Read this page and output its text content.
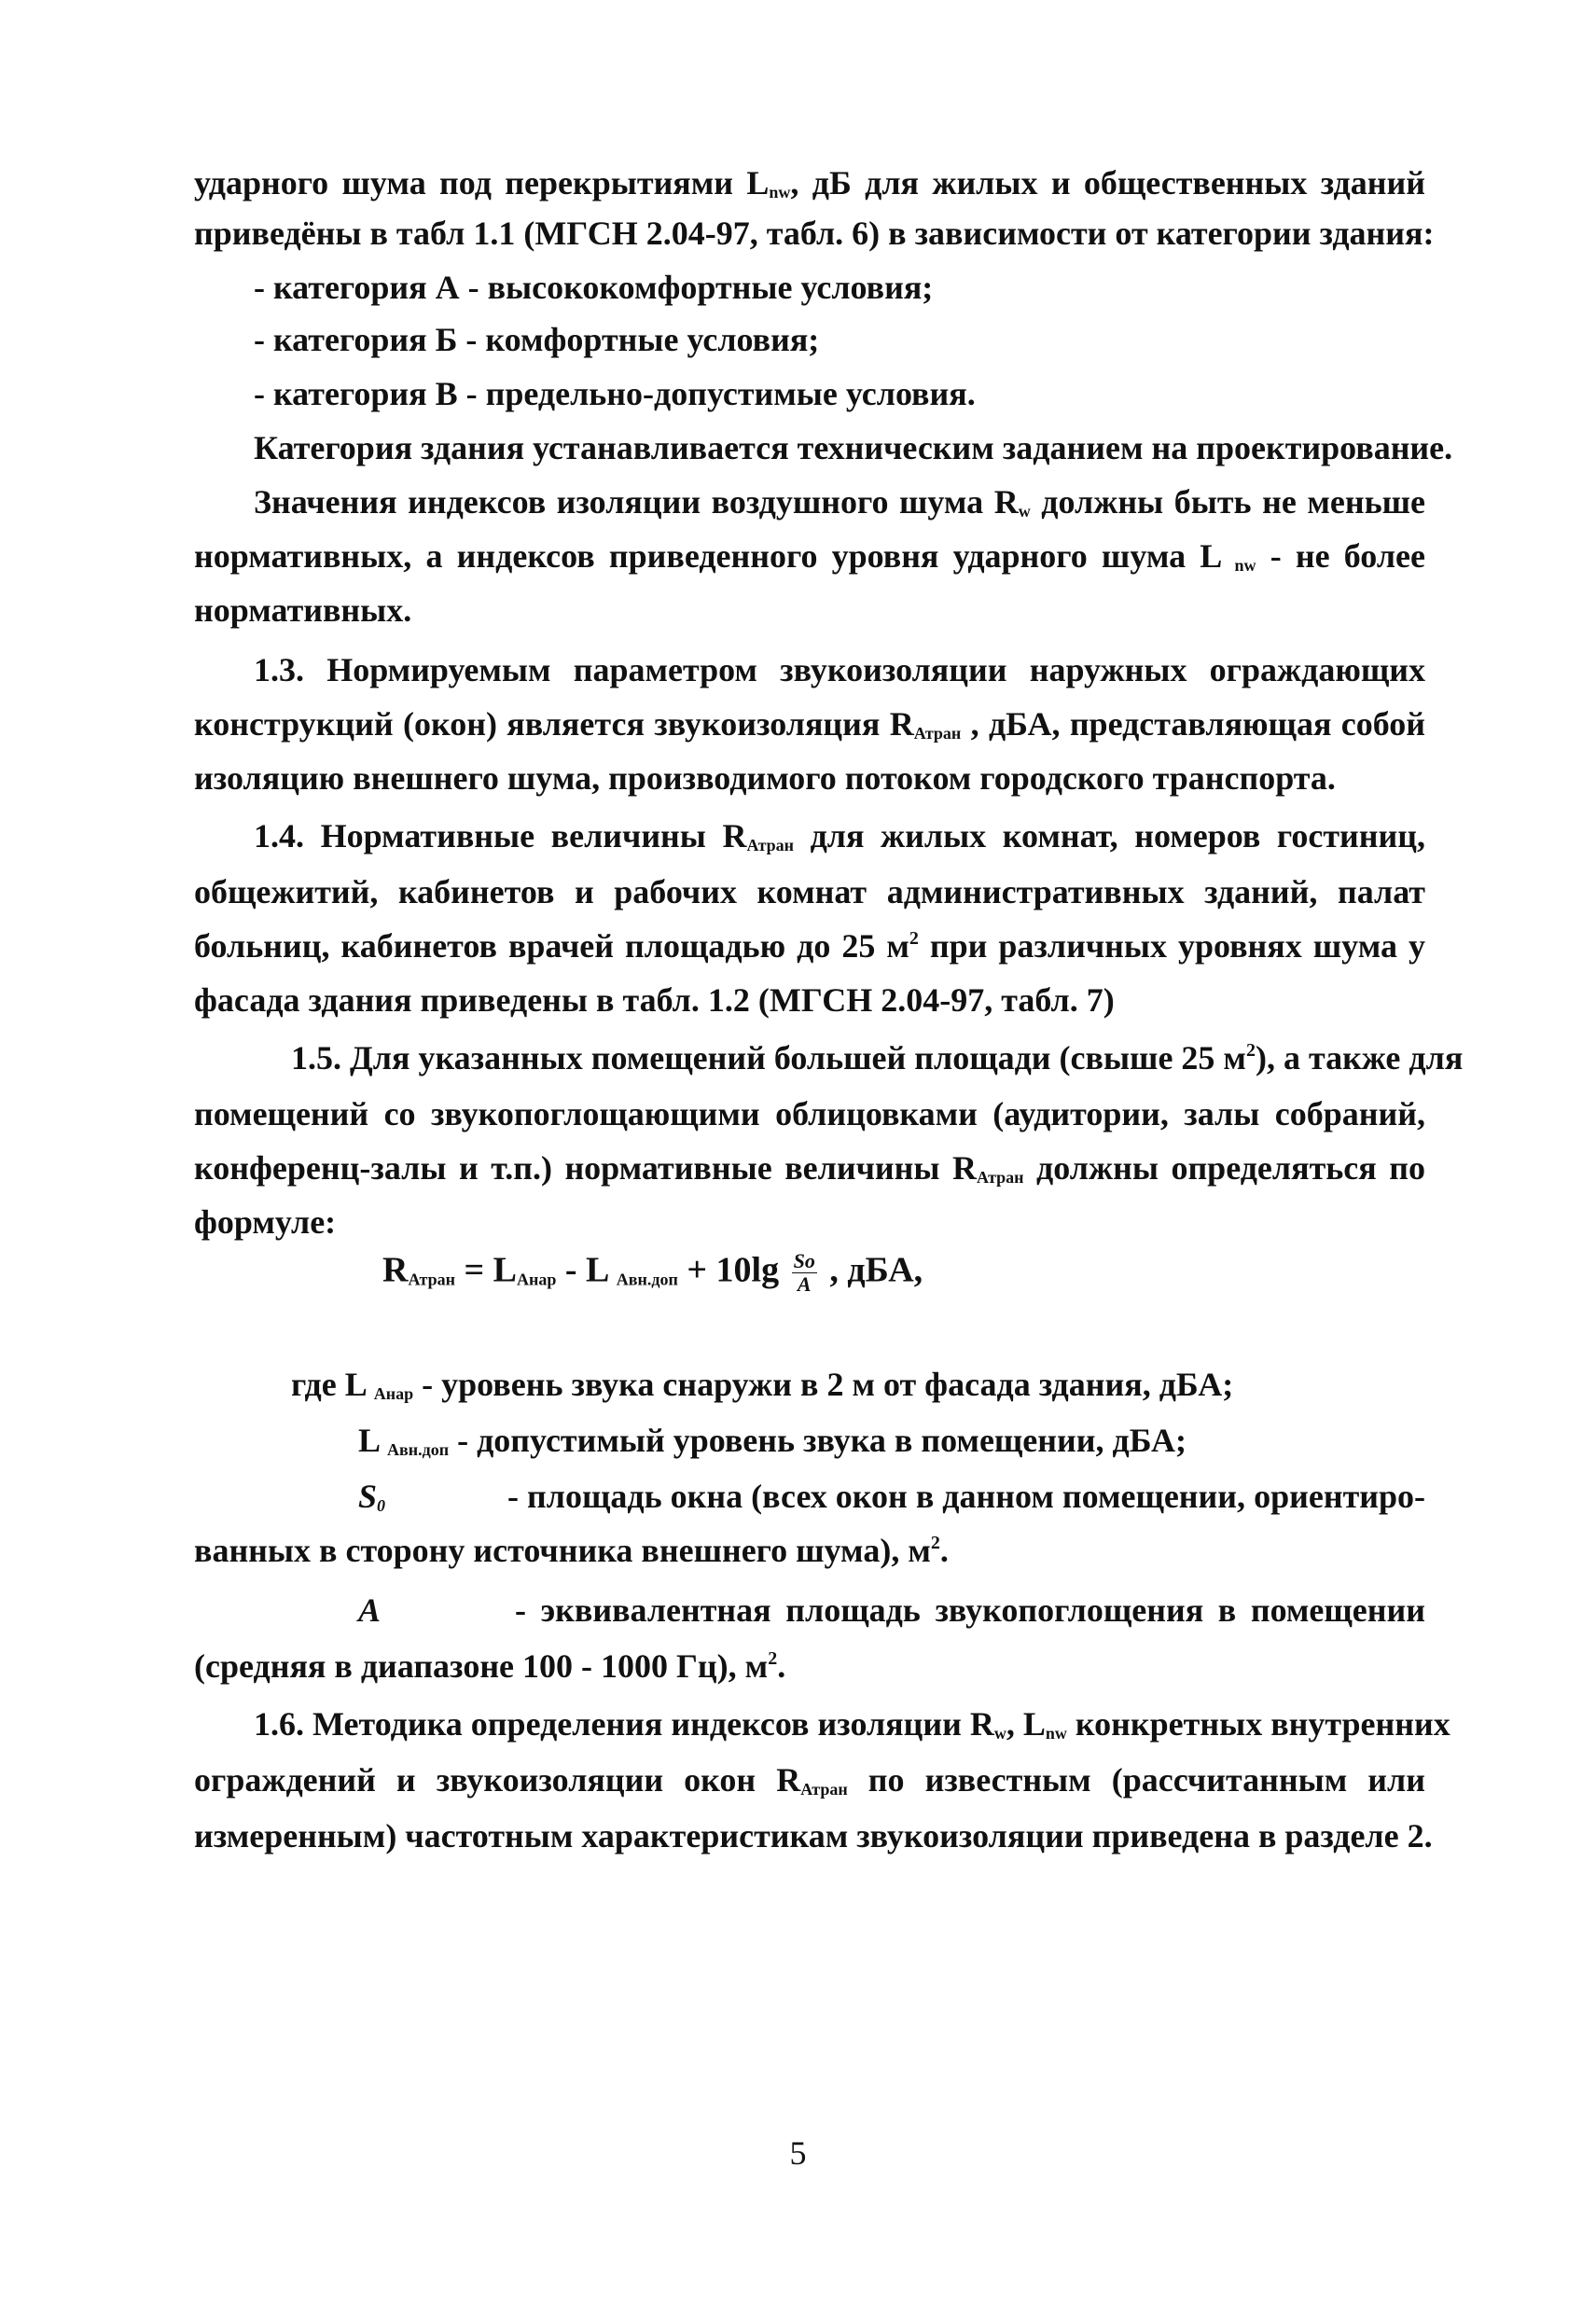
ударного шума под перекрытиями $L_{nw}$, дБ для жилых и общественных зданий
приведёны в табл 1.1 (МГСН 2.04-97, табл. 6) в зависимости от категории здания:
- категория А - высококомфортные условия;
- категория Б - комфортные условия;
- категория В - предельно-допустимые условия.
Категория здания устанавливается техническим заданием на проектирование.
Значения индексов изоляции воздушного шума $R_w$ должны быть не меньше
нормативных, а индексов приведенного уровня ударного шума L $_{nw}$ - не более
нормативных.
1.3. Нормируемым параметром звукоизоляции наружных ограждающих
конструкций (окон) является звукоизоляция $R_{Атран}$ , дБА, представляющая собой
изоляцию внешнего шума, производимого потоком городского транспорта.
1.4. Нормативные величины $R_{Атран}$ для жилых комнат, номеров гостиниц,
общежитий, кабинетов и рабочих комнат административных зданий, палат
больниц, кабинетов врачей площадью до 25 $м^2$ при различных уровнях шума у
фасада здания приведены в табл. 1.2 (МГСН 2.04-97, табл. 7)
1.5. Для указанных помещений большей площади (свыше 25 $м^2$), а также для
помещений со звукопоглощающими облицовками (аудитории, залы собраний,
конференц-залы и т.п.) нормативные величины $R_{Атран}$ должны определяться по
формуле:
$R_{Атран} = L_{Анар} - L$ $_{Авн.доп} + 10\lg \frac{So}{A}$ , дБА,
где L $_{Анар}$ - уровень звука снаружи в 2 м от фасада здания, дБА;
L $_{Авн.доп}$ - допустимый уровень звука в помещении, дБА;
$S_0$	- площадь окна (всех окон в данном помещении, ориентиро-
ванных в сторону источника внешнего шума), $м^2$.
A	- эквивалентная площадь звукопоглощения в помещении
(средняя в диапазоне 100 - 1000 Гц), $м^2$.
1.6. Методика определения индексов изоляции $R_w$, $L_{nw}$ конкретных внутренних
ограждений и звукоизоляции окон $R_{Атран}$ по известным (рассчитанным или
измеренным) частотным характеристикам звукоизоляции приведена в разделе 2.
5
